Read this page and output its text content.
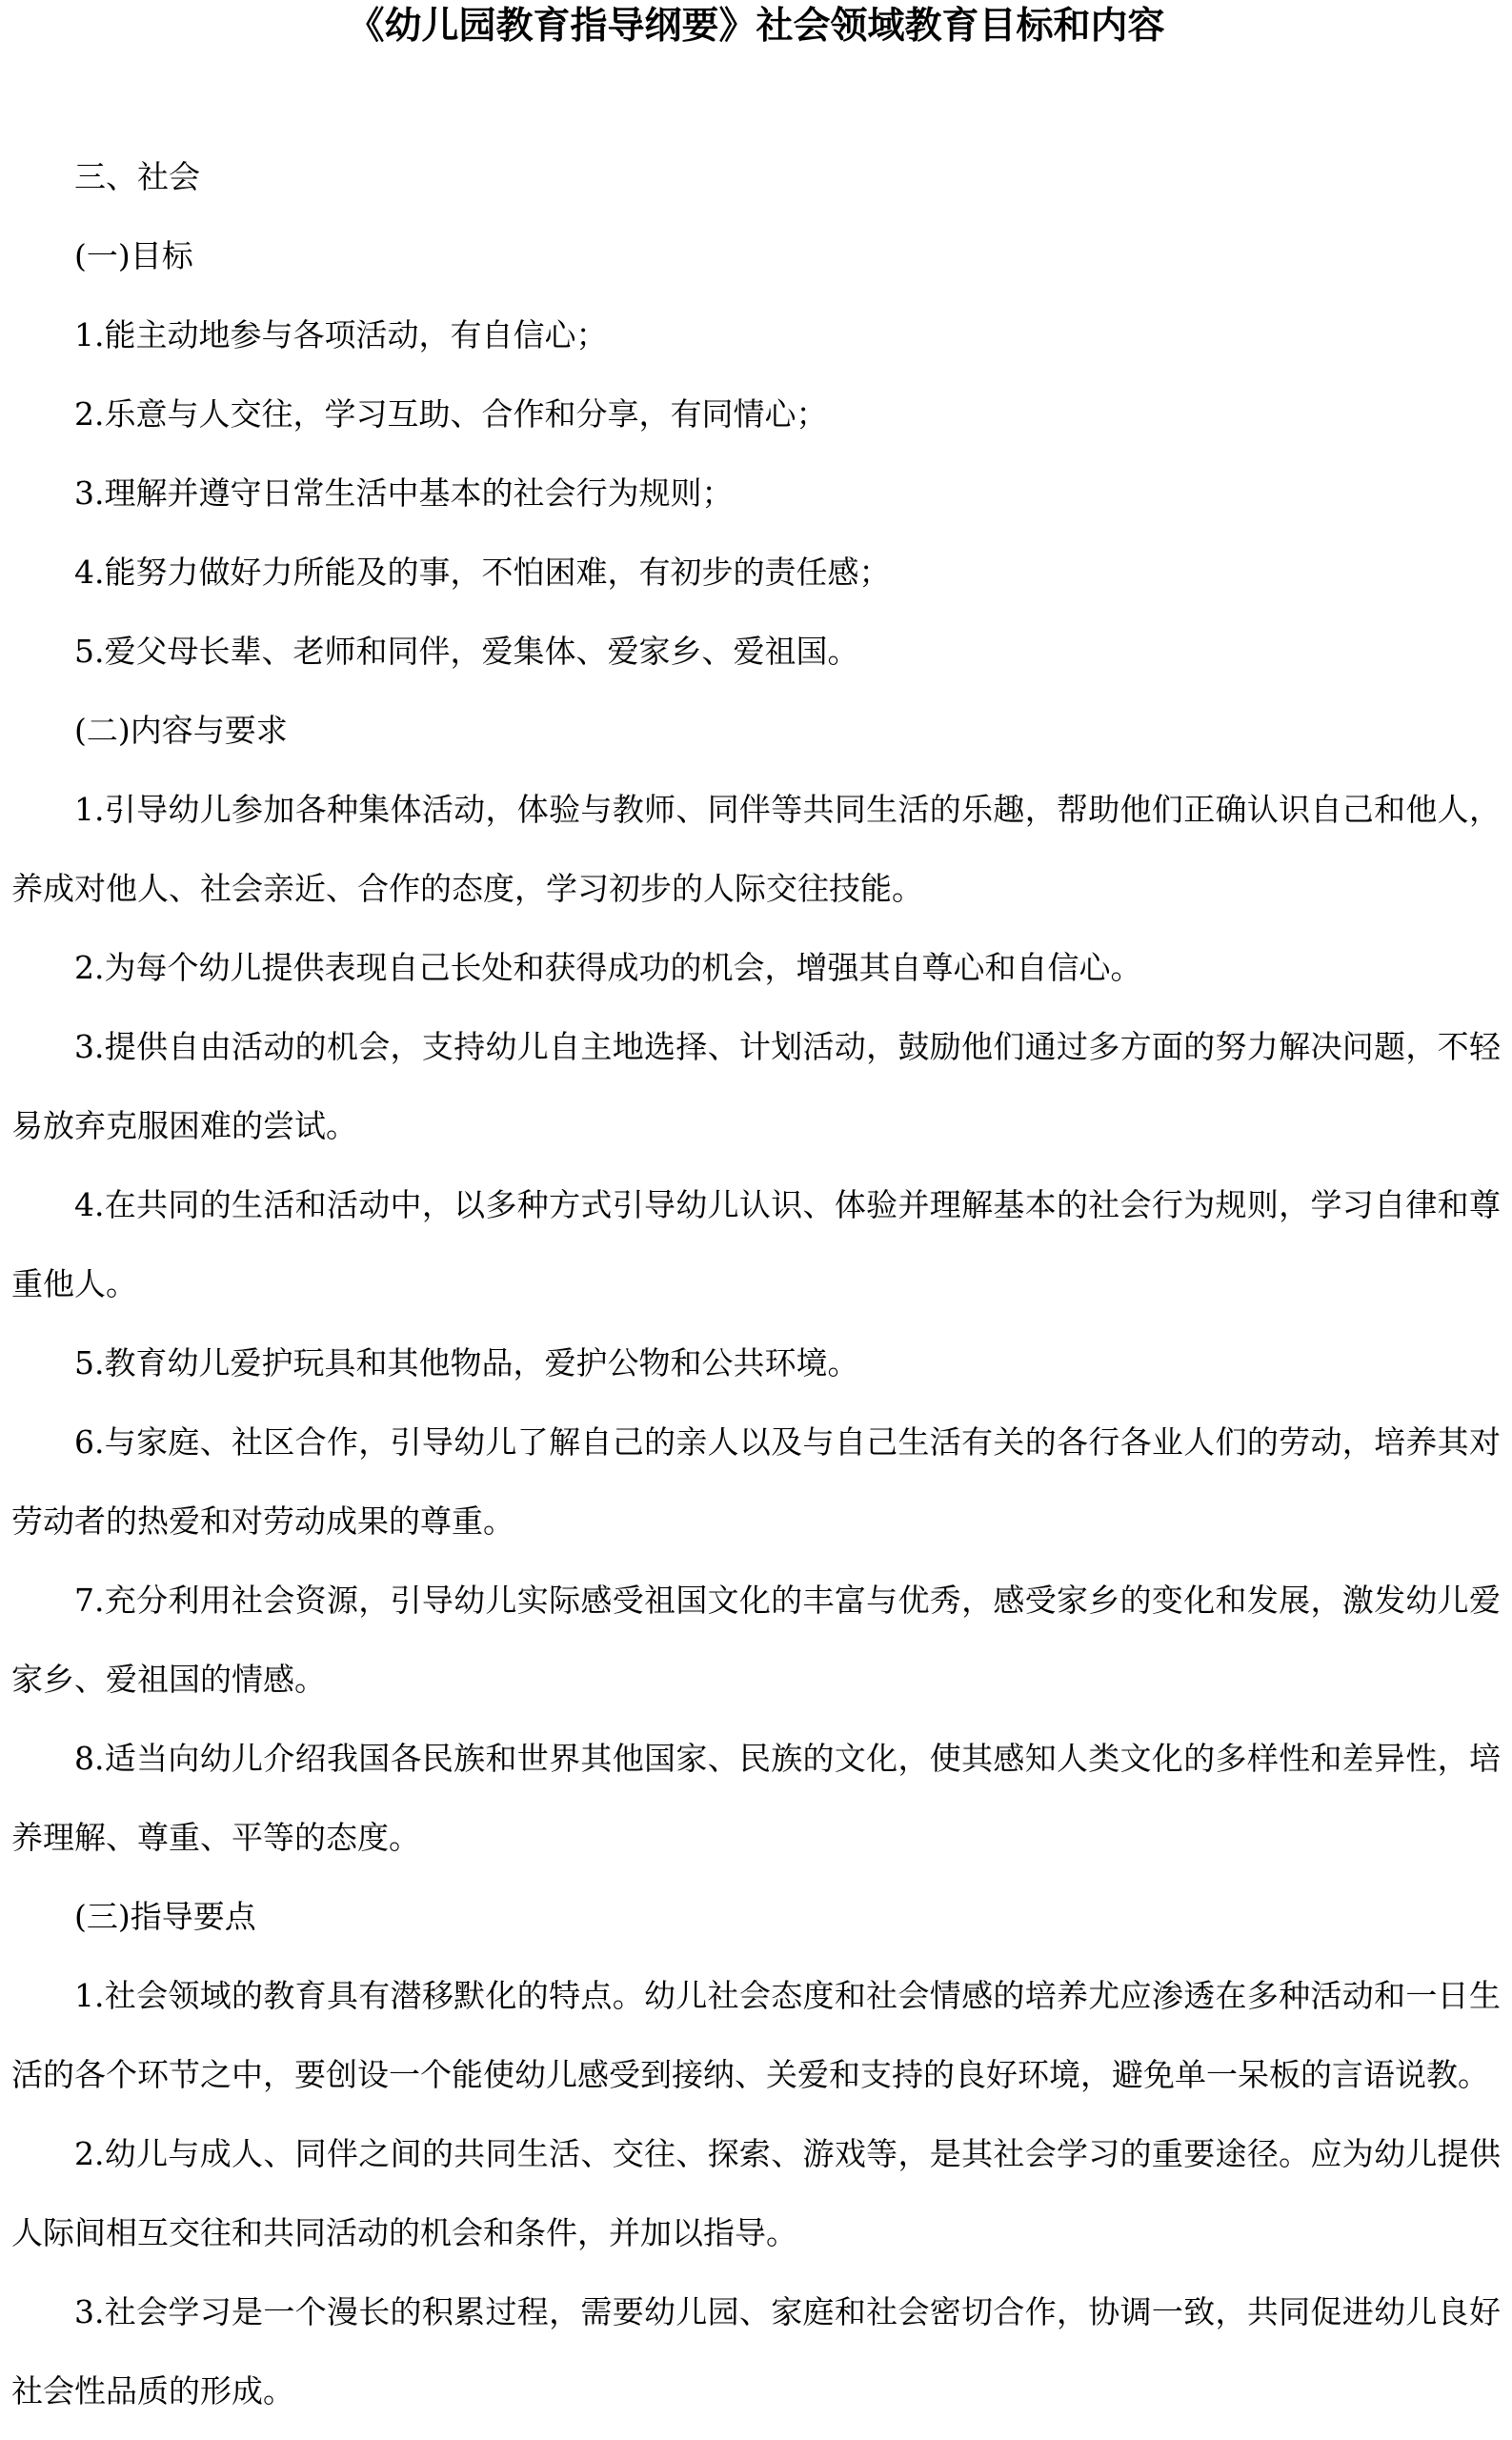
《幼儿园教育指导纲要》社会领域教育目标和内容

三、社会

(一)目标

1.能主动地参与各项活动，有自信心；

2.乐意与人交往，学习互助、合作和分享，有同情心；

3.理解并遵守日常生活中基本的社会行为规则；

4.能努力做好力所能及的事，不怕困难，有初步的责任感；

5.爱父母长辈、老师和同伴，爱集体、爱家乡、爱祖国。

(二)内容与要求

1.引导幼儿参加各种集体活动，体验与教师、同伴等共同生活的乐趣，帮助他们正确认识自己和他人，养成对他人、社会亲近、合作的态度，学习初步的人际交往技能。

2.为每个幼儿提供表现自己长处和获得成功的机会，增强其自尊心和自信心。

3.提供自由活动的机会，支持幼儿自主地选择、计划活动，鼓励他们通过多方面的努力解决问题，不轻易放弃克服困难的尝试。

4.在共同的生活和活动中，以多种方式引导幼儿认识、体验并理解基本的社会行为规则，学习自律和尊重他人。

5.教育幼儿爱护玩具和其他物品，爱护公物和公共环境。

6.与家庭、社区合作，引导幼儿了解自己的亲人以及与自己生活有关的各行各业人们的劳动，培养其对劳动者的热爱和对劳动成果的尊重。

7.充分利用社会资源，引导幼儿实际感受祖国文化的丰富与优秀，感受家乡的变化和发展，激发幼儿爱家乡、爱祖国的情感。

8.适当向幼儿介绍我国各民族和世界其他国家、民族的文化，使其感知人类文化的多样性和差异性，培养理解、尊重、平等的态度。

(三)指导要点

1.社会领域的教育具有潜移默化的特点。幼儿社会态度和社会情感的培养尤应渗透在多种活动和一日生活的各个环节之中，要创设一个能使幼儿感受到接纳、关爱和支持的良好环境，避免单一呆板的言语说教。

2.幼儿与成人、同伴之间的共同生活、交往、探索、游戏等，是其社会学习的重要途径。应为幼儿提供人际间相互交往和共同活动的机会和条件，并加以指导。

3.社会学习是一个漫长的积累过程，需要幼儿园、家庭和社会密切合作，协调一致，共同促进幼儿良好社会性品质的形成。
